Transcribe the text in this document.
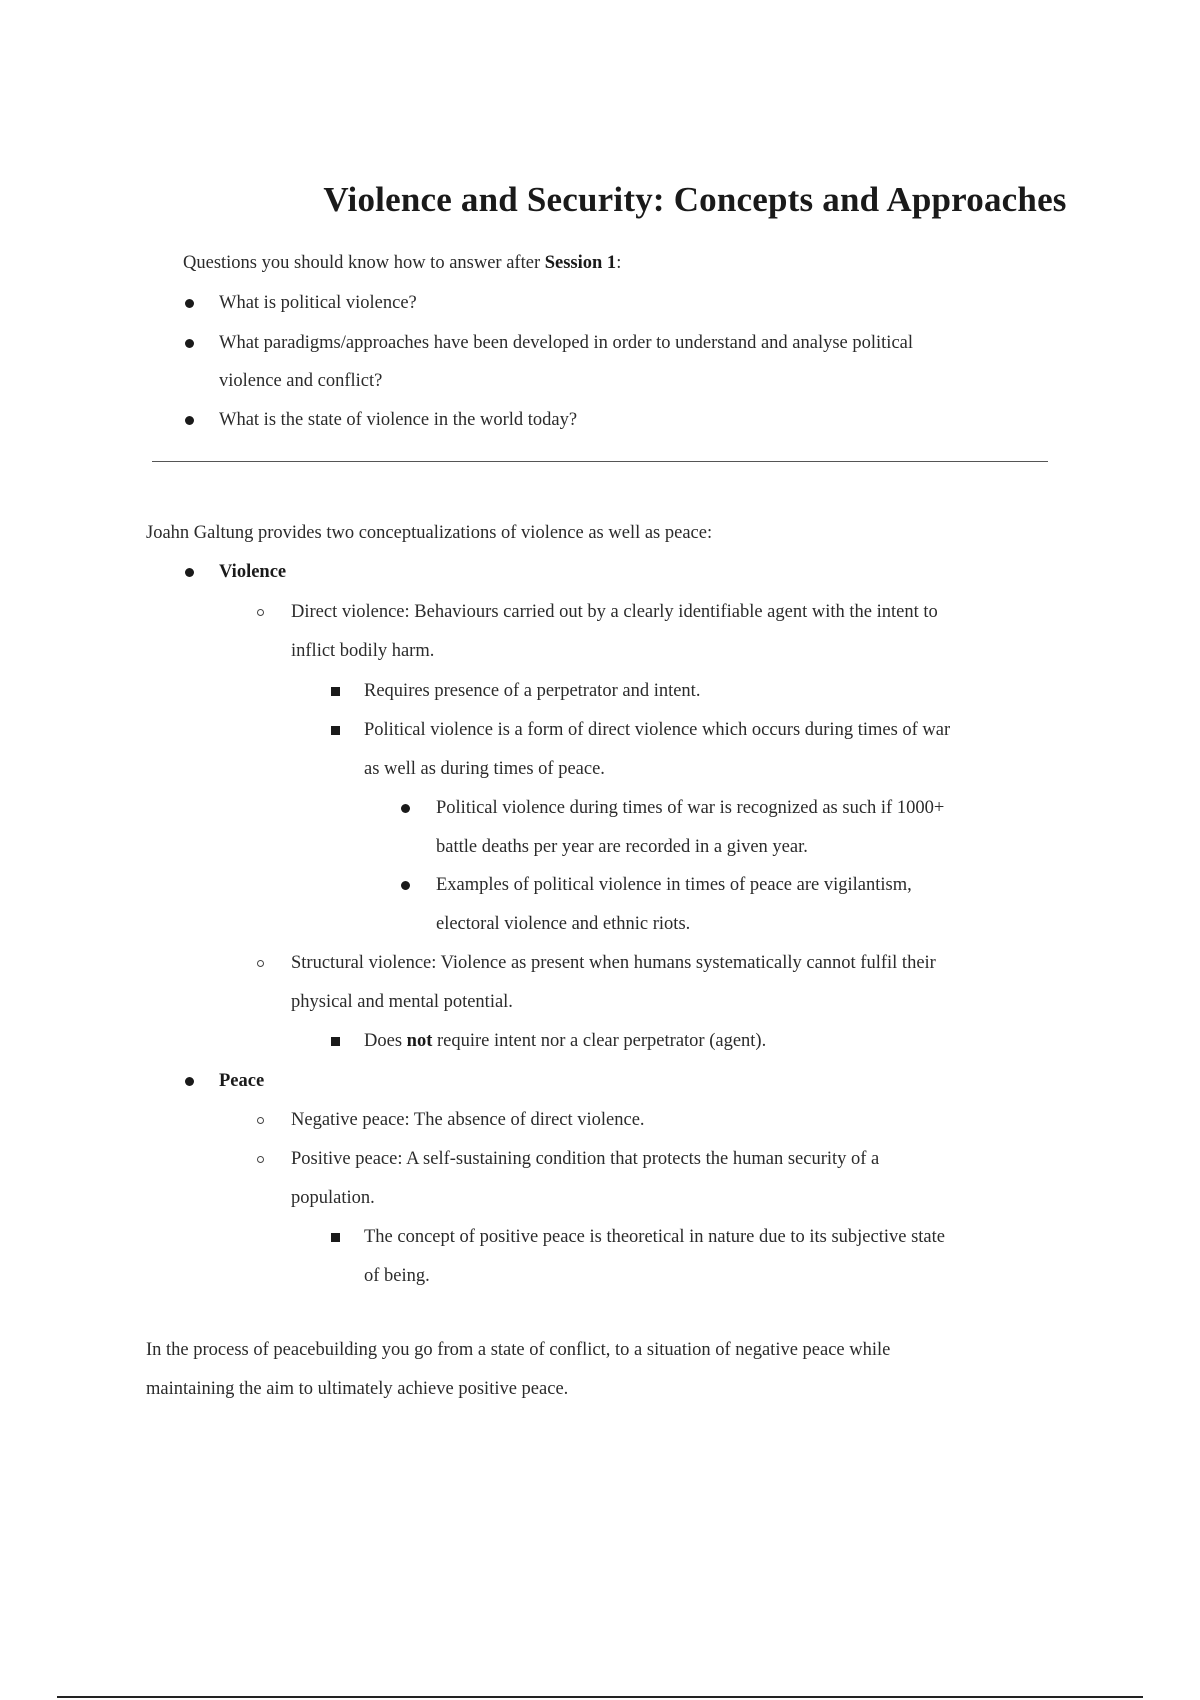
Violence and Security: Concepts and Approaches
Questions you should know how to answer after Session 1:
What is political violence?
What paradigms/approaches have been developed in order to understand and analyse political
violence and conflict?
What is the state of violence in the world today?
Joahn Galtung provides two conceptualizations of violence as well as peace:
Violence
Direct violence: Behaviours carried out by a clearly identifiable agent with the intent to
inflict bodily harm.
Requires presence of a perpetrator and intent.
Political violence is a form of direct violence which occurs during times of war
as well as during times of peace.
Political violence during times of war is recognized as such if 1000+
battle deaths per year are recorded in a given year.
Examples of political violence in times of peace are vigilantism,
electoral violence and ethnic riots.
Structural violence: Violence as present when humans systematically cannot fulfil their
physical and mental potential.
Does not require intent nor a clear perpetrator (agent).
Peace
Negative peace: The absence of direct violence.
Positive peace: A self-sustaining condition that protects the human security of a
population.
The concept of positive peace is theoretical in nature due to its subjective state
of being.
In the process of peacebuilding you go from a state of conflict, to a situation of negative peace while
maintaining the aim to ultimately achieve positive peace.
